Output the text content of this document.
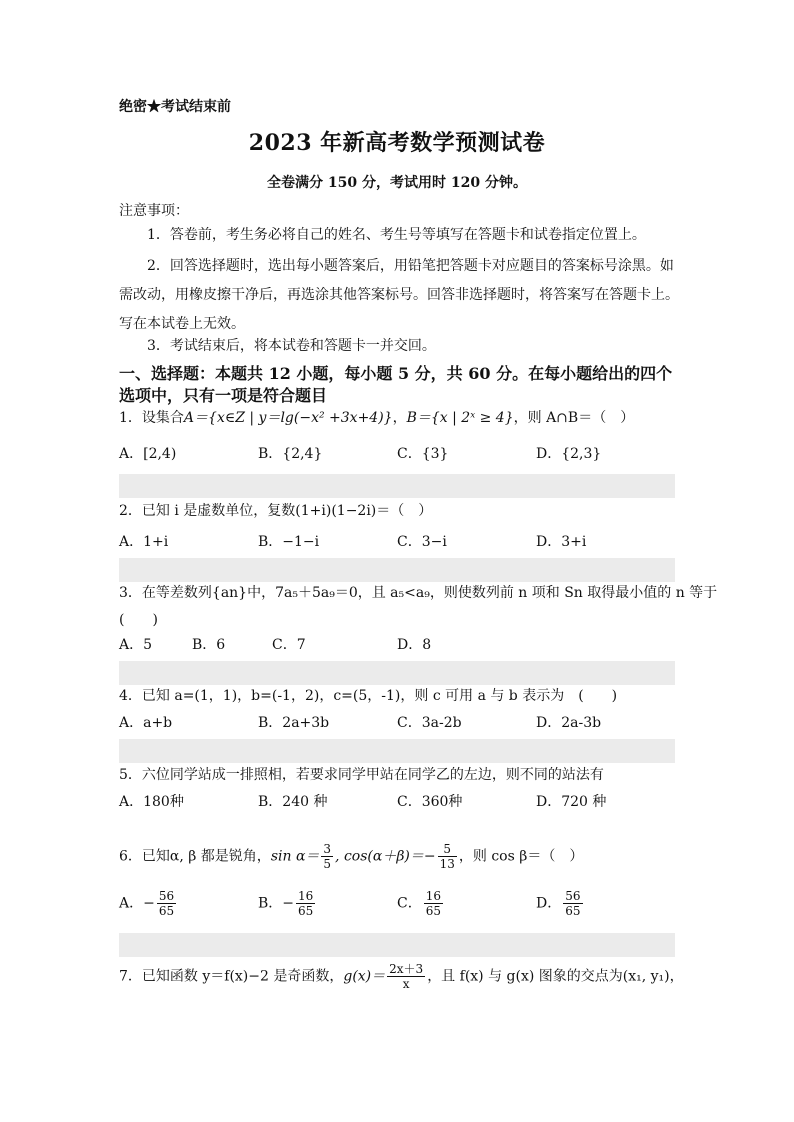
绝密★考试结束前
2023 年新高考数学预测试卷
全卷满分 150 分，考试用时 120 分钟。
注意事项：
1．答卷前，考生务必将自己的姓名、考生号等填写在答题卡和试卷指定位置上。
2．回答选择题时，选出每小题答案后，用铅笔把答题卡对应题目的答案标号涂黑。如需改动，用橡皮擦干净后，再选涂其他答案标号。回答非选择题时，将答案写在答题卡上。写在本试卷上无效。
3．考试结束后，将本试卷和答题卡一并交回。
一、选择题：本题共 12 小题，每小题 5 分，共 60 分。在每小题给出的四个选项中，只有一项是符合题目
1．设集合A＝{x∈Z | y＝lg(−x² +3x+4)}，B＝{x | 2ˣ ≥ 4}，则 A∩B＝（　）
A．[2,4)	B．{2,4}	C．{3}	D．{2,3}
2．已知 i 是虚数单位，复数(1+i)(1−2i)＝（　）
A．1+i	B．−1−i	C．3−i	D．3+i
3．在等差数列{an}中，7a₅＋5a₉＝0，且 a₅<a₉，则使数列前 n 项和 Sn 取得最小值的 n 等于
(　　)
A．5	B．6	C．7	D．8
4．已知 a=(1，1)，b=(-1，2)，c=(5，-1)，则 c 可用 a 与 b 表示为　(　　)
A．a+b	B．2a+3b	C．3a-2b	D．2a-3b
5．六位同学站成一排照相，若要求同学甲站在同学乙的左边，则不同的站法有
A．180种	B．240 种	C．360种	D．720 种
6．已知α, β 都是锐角，$\sin \alpha= \frac{3}{5}$ , $\cos(\alpha+\beta)=- \frac{5}{13}$ ，则 cos β＝（　）
A．− $\frac{56}{65}$	B．− $\frac{16}{65}$	C． $\frac{16}{65}$	D． $\frac{56}{65}$
7．已知函数 y＝f(x)−2 是奇函数，$g(x)= \frac{2x+3}{x}$ ，且 f(x) 与 g(x) 图象的交点为(x₁, y₁)，
